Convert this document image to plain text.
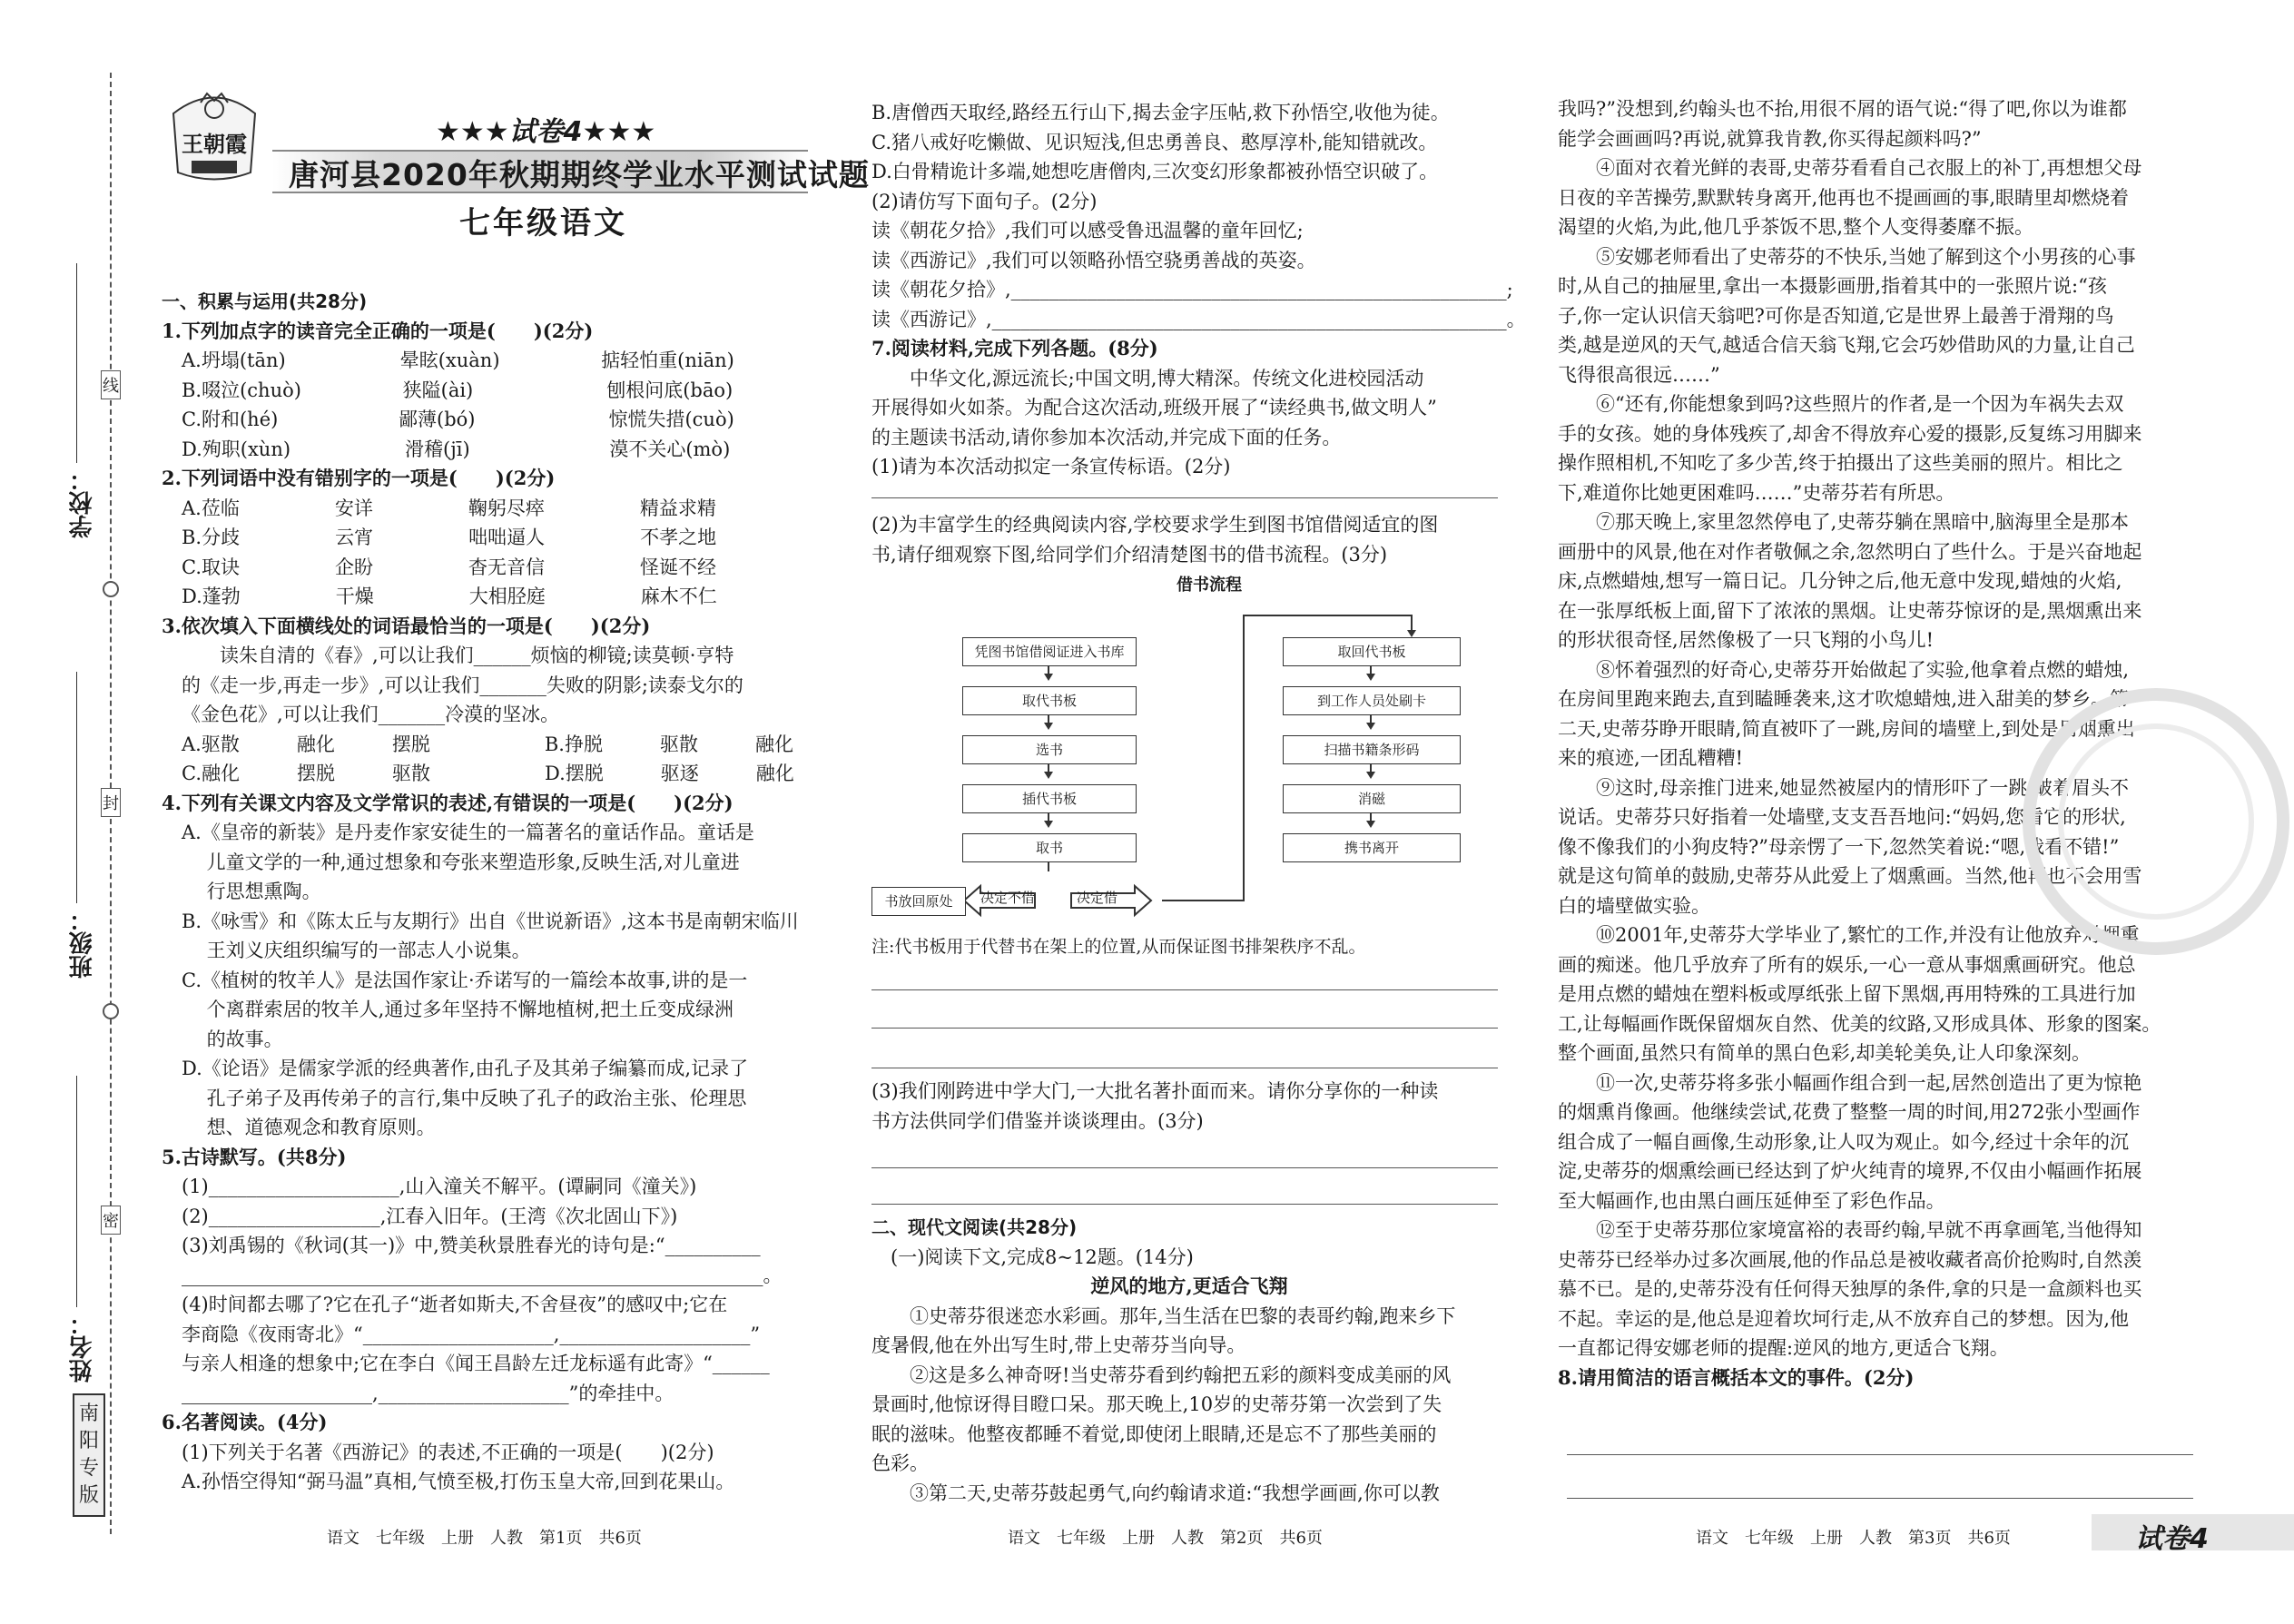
王朝霞	★★★试卷4★★★
唐河县2020年秋期期终学业水平测试试题
七年级语文
线
封
密
学校：
班级：
姓名：
南阳专版
一、积累与运用(共28分)
1.下列加点字的读音完全正确的一项是(　　)(2分)
A.坍塌(tān)　　　　　　晕眩(xuàn)　　　　　 掂轻怕重(niān)
B.啜泣(chuò)　　　　　 狭隘(ài)　　　　　　　刨根问底(bāo)
C.附和(hé)　　　　　　 鄙薄(bó)　　　　　　　惊慌失措(cuò)
D.殉职(xùn)　　　　　　滑稽(jī)　　　　　　　 漠不关心(mò)
2.下列词语中没有错别字的一项是(　　)(2分)
A.莅临　　　　　安详　　　　　鞠躬尽瘁　　　　　精益求精
B.分歧　　　　　云宵　　　　　咄咄逼人　　　　　不孝之地
C.取诀　　　　　企盼　　　　　杳无音信　　　　　怪诞不经
D.蓬勃　　　　　干燥　　　　　大相胫庭　　　　　麻木不仁
3.依次填入下面横线处的词语最恰当的一项是(　　)(2分)
　　读朱自清的《春》,可以让我们______烦恼的柳镜;读莫顿·亨特
的《走一步,再走一步》,可以让我们_______失败的阴影;读泰戈尔的
《金色花》,可以让我们_______冷漠的坚冰。
A.驱散　　　融化　　　摆脱　　　　　　B.挣脱　　　驱散　　　融化
C.融化　　　摆脱　　　驱散　　　　　　D.摆脱　　　驱逐　　　融化
4.下列有关课文内容及文学常识的表述,有错误的一项是(　　)(2分)
A.《皇帝的新装》是丹麦作家安徒生的一篇著名的童话作品。童话是
　 儿童文学的一种,通过想象和夸张来塑造形象,反映生活,对儿童进
　 行思想熏陶。
B.《咏雪》和《陈太丘与友期行》出自《世说新语》,这本书是南朝宋临川
　 王刘义庆组织编写的一部志人小说集。
C.《植树的牧羊人》是法国作家让·乔诺写的一篇绘本故事,讲的是一
　 个离群索居的牧羊人,通过多年坚持不懈地植树,把土丘变成绿洲
　 的故事。
D.《论语》是儒家学派的经典著作,由孔子及其弟子编纂而成,记录了
　 孔子弟子及再传弟子的言行,集中反映了孔子的政治主张、伦理思
　 想、道德观念和教育原则。
5.古诗默写。(共8分)
(1)____________________,山入潼关不解平。(谭嗣同《潼关》)
(2)__________________,江春入旧年。(王湾《次北固山下》)
(3)刘禹锡的《秋词(其一)》中,赞美秋景胜春光的诗句是:“__________
_____________________________________________________________。
(4)时间都去哪了?它在孔子“逝者如斯夫,不舍昼夜”的感叹中;它在
李商隐《夜雨寄北》“____________________,____________________”
与亲人相逢的想象中;它在李白《闻王昌龄左迁龙标遥有此寄》“______
____________________,____________________”的牵挂中。
6.名著阅读。(4分)
(1)下列关于名著《西游记》的表述,不正确的一项是(　　)(2分)
A.孙悟空得知“弼马温”真相,气愤至极,打伤玉皇大帝,回到花果山。
语文　七年级　上册　人教　第1页　共6页
B.唐僧西天取经,路经五行山下,揭去金字压帖,救下孙悟空,收他为徒。
C.猪八戒好吃懒做、见识短浅,但忠勇善良、憨厚淳朴,能知错就改。
D.白骨精诡计多端,她想吃唐僧肉,三次变幻形象都被孙悟空识破了。
(2)请仿写下面句子。(2分)
读《朝花夕拾》,我们可以感受鲁迅温馨的童年回忆;
读《西游记》,我们可以领略孙悟空骁勇善战的英姿。
读《朝花夕拾》,____________________________________________________;
读《西游记》,______________________________________________________。
7.阅读材料,完成下列各题。(8分)
　　中华文化,源远流长;中国文明,博大精深。传统文化进校园活动
开展得如火如荼。为配合这次活动,班级开展了“读经典书,做文明人”
的主题读书活动,请你参加本次活动,并完成下面的任务。
(1)请为本次活动拟定一条宣传标语。(2分)
(2)为丰富学生的经典阅读内容,学校要求学生到图书馆借阅适宜的图
书,请仔细观察下图,给同学们介绍清楚图书的借书流程。(3分)
借书流程
凭图书馆借阅证进入书库	取回代书板
取代书板	到工作人员处刷卡
选书	扫描书籍条形码
插代书板	消磁
取书	携书离开
书放回原处	决定不借	决定借
注:代书板用于代替书在架上的位置,从而保证图书排架秩序不乱。
(3)我们刚跨进中学大门,一大批名著扑面而来。请你分享你的一种读
书方法供同学们借鉴并谈谈理由。(3分)
二、现代文阅读(共28分)
　(一)阅读下文,完成8~12题。(14分)
逆风的地方,更适合飞翔
　　①史蒂芬很迷恋水彩画。那年,当生活在巴黎的表哥约翰,跑来乡下
度暑假,他在外出写生时,带上史蒂芬当向导。
　　②这是多么神奇呀!当史蒂芬看到约翰把五彩的颜料变成美丽的风
景画时,他惊讶得目瞪口呆。那天晚上,10岁的史蒂芬第一次尝到了失
眠的滋味。他整夜都睡不着觉,即使闭上眼睛,还是忘不了那些美丽的
色彩。
　　③第二天,史蒂芬鼓起勇气,向约翰请求道:“我想学画画,你可以教
语文　七年级　上册　人教　第2页　共6页
我吗?”没想到,约翰头也不抬,用很不屑的语气说:“得了吧,你以为谁都
能学会画画吗?再说,就算我肯教,你买得起颜料吗?”
　　④面对衣着光鲜的表哥,史蒂芬看看自己衣服上的补丁,再想想父母
日夜的辛苦操劳,默默转身离开,他再也不提画画的事,眼睛里却燃烧着
渴望的火焰,为此,他几乎茶饭不思,整个人变得萎靡不振。
　　⑤安娜老师看出了史蒂芬的不快乐,当她了解到这个小男孩的心事
时,从自己的抽屉里,拿出一本摄影画册,指着其中的一张照片说:“孩
子,你一定认识信天翁吧?可你是否知道,它是世界上最善于滑翔的鸟
类,越是逆风的天气,越适合信天翁飞翔,它会巧妙借助风的力量,让自己
飞得很高很远……”
　　⑥“还有,你能想象到吗?这些照片的作者,是一个因为车祸失去双
手的女孩。她的身体残疾了,却舍不得放弃心爱的摄影,反复练习用脚来
操作照相机,不知吃了多少苦,终于拍摄出了这些美丽的照片。相比之
下,难道你比她更困难吗……”史蒂芬若有所思。
　　⑦那天晚上,家里忽然停电了,史蒂芬躺在黑暗中,脑海里全是那本
画册中的风景,他在对作者敬佩之余,忽然明白了些什么。于是兴奋地起
床,点燃蜡烛,想写一篇日记。几分钟之后,他无意中发现,蜡烛的火焰,
在一张厚纸板上面,留下了浓浓的黑烟。让史蒂芬惊讶的是,黑烟熏出来
的形状很奇怪,居然像极了一只飞翔的小鸟儿!
　　⑧怀着强烈的好奇心,史蒂芬开始做起了实验,他拿着点燃的蜡烛,
在房间里跑来跑去,直到瞌睡袭来,这才吹熄蜡烛,进入甜美的梦乡。第
二天,史蒂芬睁开眼睛,简直被吓了一跳,房间的墙壁上,到处是用烟熏出
来的痕迹,一团乱糟糟!
　　⑨这时,母亲推门进来,她显然被屋内的情形吓了一跳,皱着眉头不
说话。史蒂芬只好指着一处墙壁,支支吾吾地问:“妈妈,您看它的形状,
像不像我们的小狗皮特?”母亲愣了一下,忽然笑着说:“嗯,我看不错!”
就是这句简单的鼓励,史蒂芬从此爱上了烟熏画。当然,他再也不会用雪
白的墙壁做实验。
　　⑩2001年,史蒂芬大学毕业了,繁忙的工作,并没有让他放弃对烟熏
画的痴迷。他几乎放弃了所有的娱乐,一心一意从事烟熏画研究。他总
是用点燃的蜡烛在塑料板或厚纸张上留下黑烟,再用特殊的工具进行加
工,让每幅画作既保留烟灰自然、优美的纹路,又形成具体、形象的图案。
整个画面,虽然只有简单的黑白色彩,却美轮美奂,让人印象深刻。
　　⑪一次,史蒂芬将多张小幅画作组合到一起,居然创造出了更为惊艳
的烟熏肖像画。他继续尝试,花费了整整一周的时间,用272张小型画作
组合成了一幅自画像,生动形象,让人叹为观止。如今,经过十余年的沉
淀,史蒂芬的烟熏绘画已经达到了炉火纯青的境界,不仅由小幅画作拓展
至大幅画作,也由黑白画压延伸至了彩色作品。
　　⑫至于史蒂芬那位家境富裕的表哥约翰,早就不再拿画笔,当他得知
史蒂芬已经举办过多次画展,他的作品总是被收藏者高价抢购时,自然羡
慕不已。是的,史蒂芬没有任何得天独厚的条件,拿的只是一盒颜料也买
不起。幸运的是,他总是迎着坎坷行走,从不放弃自己的梦想。因为,他
一直都记得安娜老师的提醒:逆风的地方,更适合飞翔。
8.请用简洁的语言概括本文的事件。(2分)
语文　七年级　上册　人教　第3页　共6页	试卷4
